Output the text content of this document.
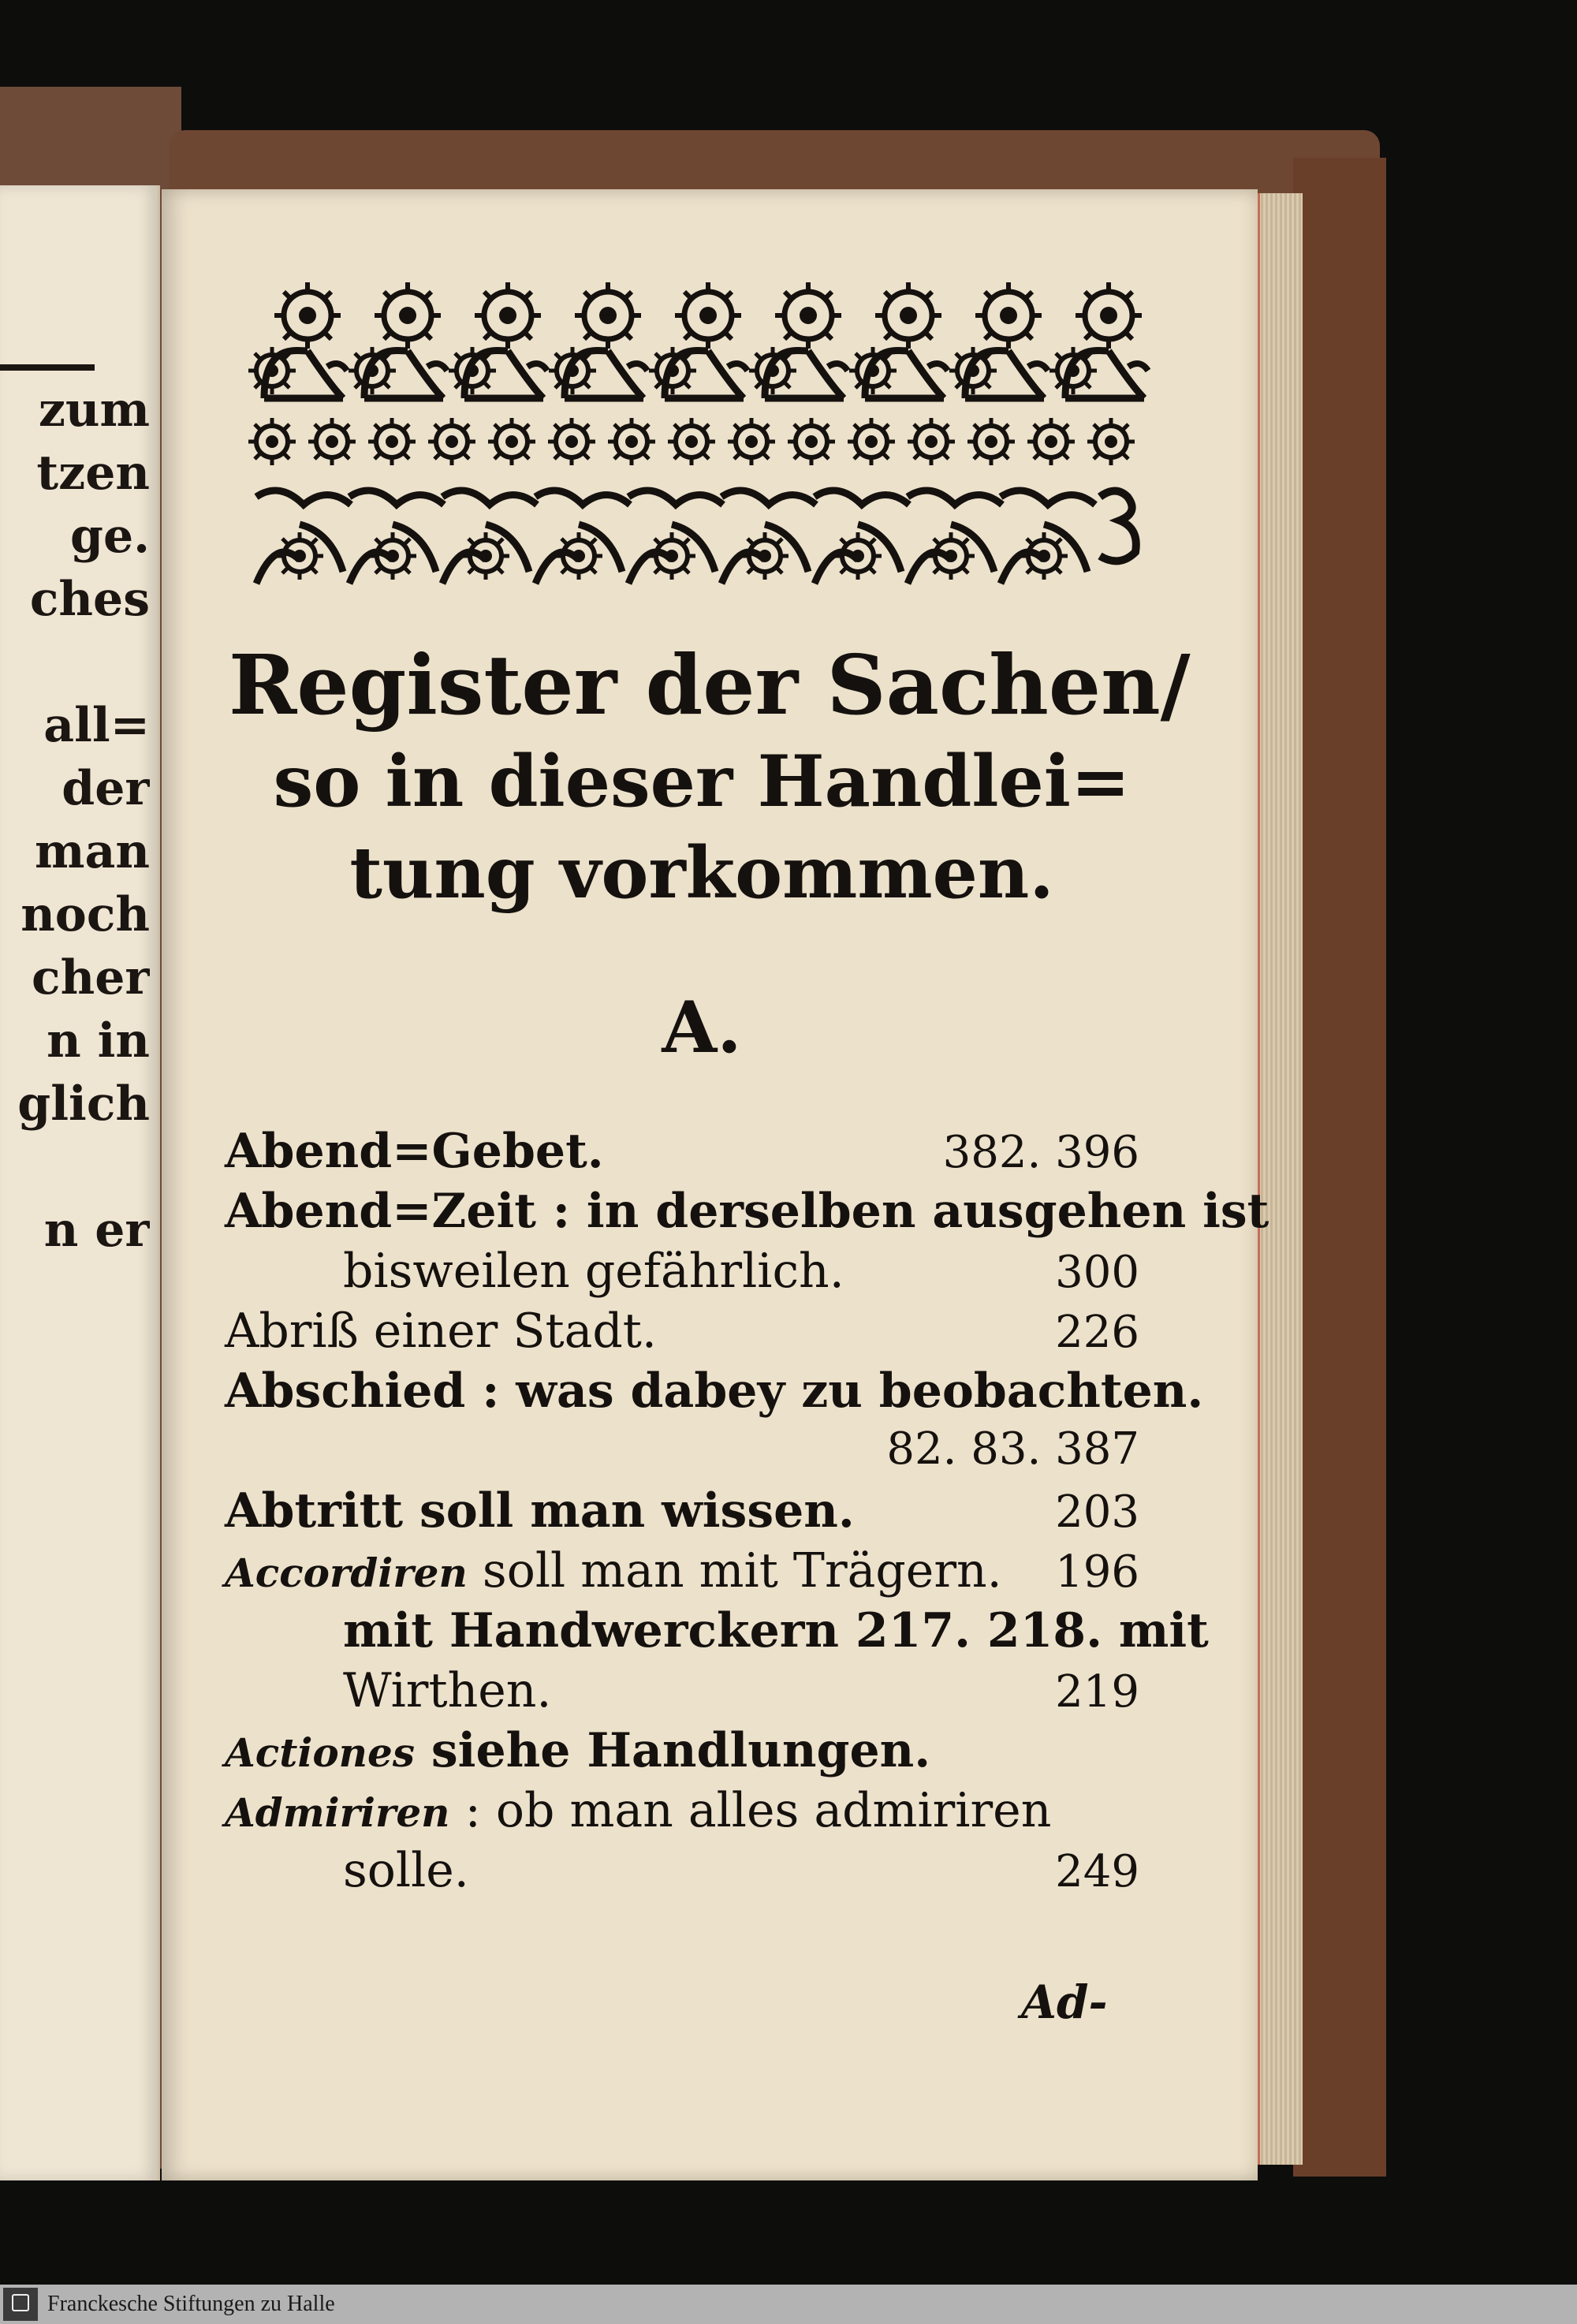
zum
tzen
ge.
ches
all=
der
man
noch
cher
n in
glich
n er
Register der Sachen/
so in dieser Handlei=
tung vorkommen.
A.
Abend=Gebet.	382. 396
Abend=Zeit : in derselben ausgehen ist
bisweilen gefährlich.	300
Abriß einer Stadt.	226
Abschied : was dabey zu beobachten.
82. 83. 387
Abtritt soll man wissen.	203
Accordiren soll man mit Trägern. 196
mit Handwerckern 217. 218. mit
Wirthen.	219
Actiones siehe Handlungen.
Admiriren : ob man alles admiriren
solle.	249
Ad-
Franckesche Stiftungen zu Halle
